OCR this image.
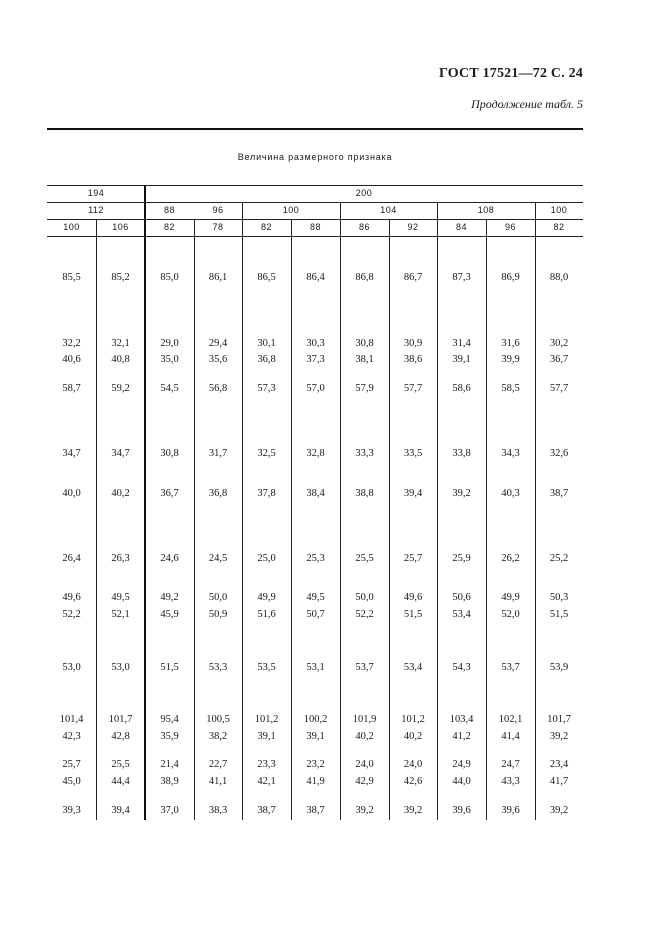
ГОСТ 17521—72 С. 24
Продолжение табл. 5
Величина размерного признака
194	200
112	88	96	100	104	108	100
100	106	82	78	82	88	86	92	84	96	82
85,5	85,2	85,0	86,1	86,5	86,4	86,8	86,7	87,3	86,9	88,0
32,2	32,1	29,0	29,4	30,1	30,3	30,8	30,9	31,4	31,6	30,2
40,6	40,8	35,0	35,6	36,8	37,3	38,1	38,6	39,1	39,9	36,7
58,7	59,2	54,5	56,8	57,3	57,0	57,9	57,7	58,6	58,5	57,7
34,7	34,7	30,8	31,7	32,5	32,8	33,3	33,5	33,8	34,3	32,6
40,0	40,2	36,7	36,8	37,8	38,4	38,8	39,4	39,2	40,3	38,7
26,4	26,3	24,6	24,5	25,0	25,3	25,5	25,7	25,9	26,2	25,2
49,6	49,5	49,2	50,0	49,9	49,5	50,0	49,6	50,6	49,9	50,3
52,2	52,1	45,9	50,9	51,6	50,7	52,2	51,5	53,4	52,0	51,5
53,0	53,0	51,5	53,3	53,5	53,1	53,7	53,4	54,3	53,7	53,9
101,4	101,7	95,4	100,5	101,2	100,2	101,9	101,2	103,4	102,1	101,7
42,3	42,8	35,9	38,2	39,1	39,1	40,2	40,2	41,2	41,4	39,2
25,7	25,5	21,4	22,7	23,3	23,2	24,0	24,0	24,9	24,7	23,4
45,0	44,4	38,9	41,1	42,1	41,9	42,9	42,6	44,0	43,3	41,7
39,3	39,4	37,0	38,3	38,7	38,7	39,2	39,2	39,6	39,6	39,2
